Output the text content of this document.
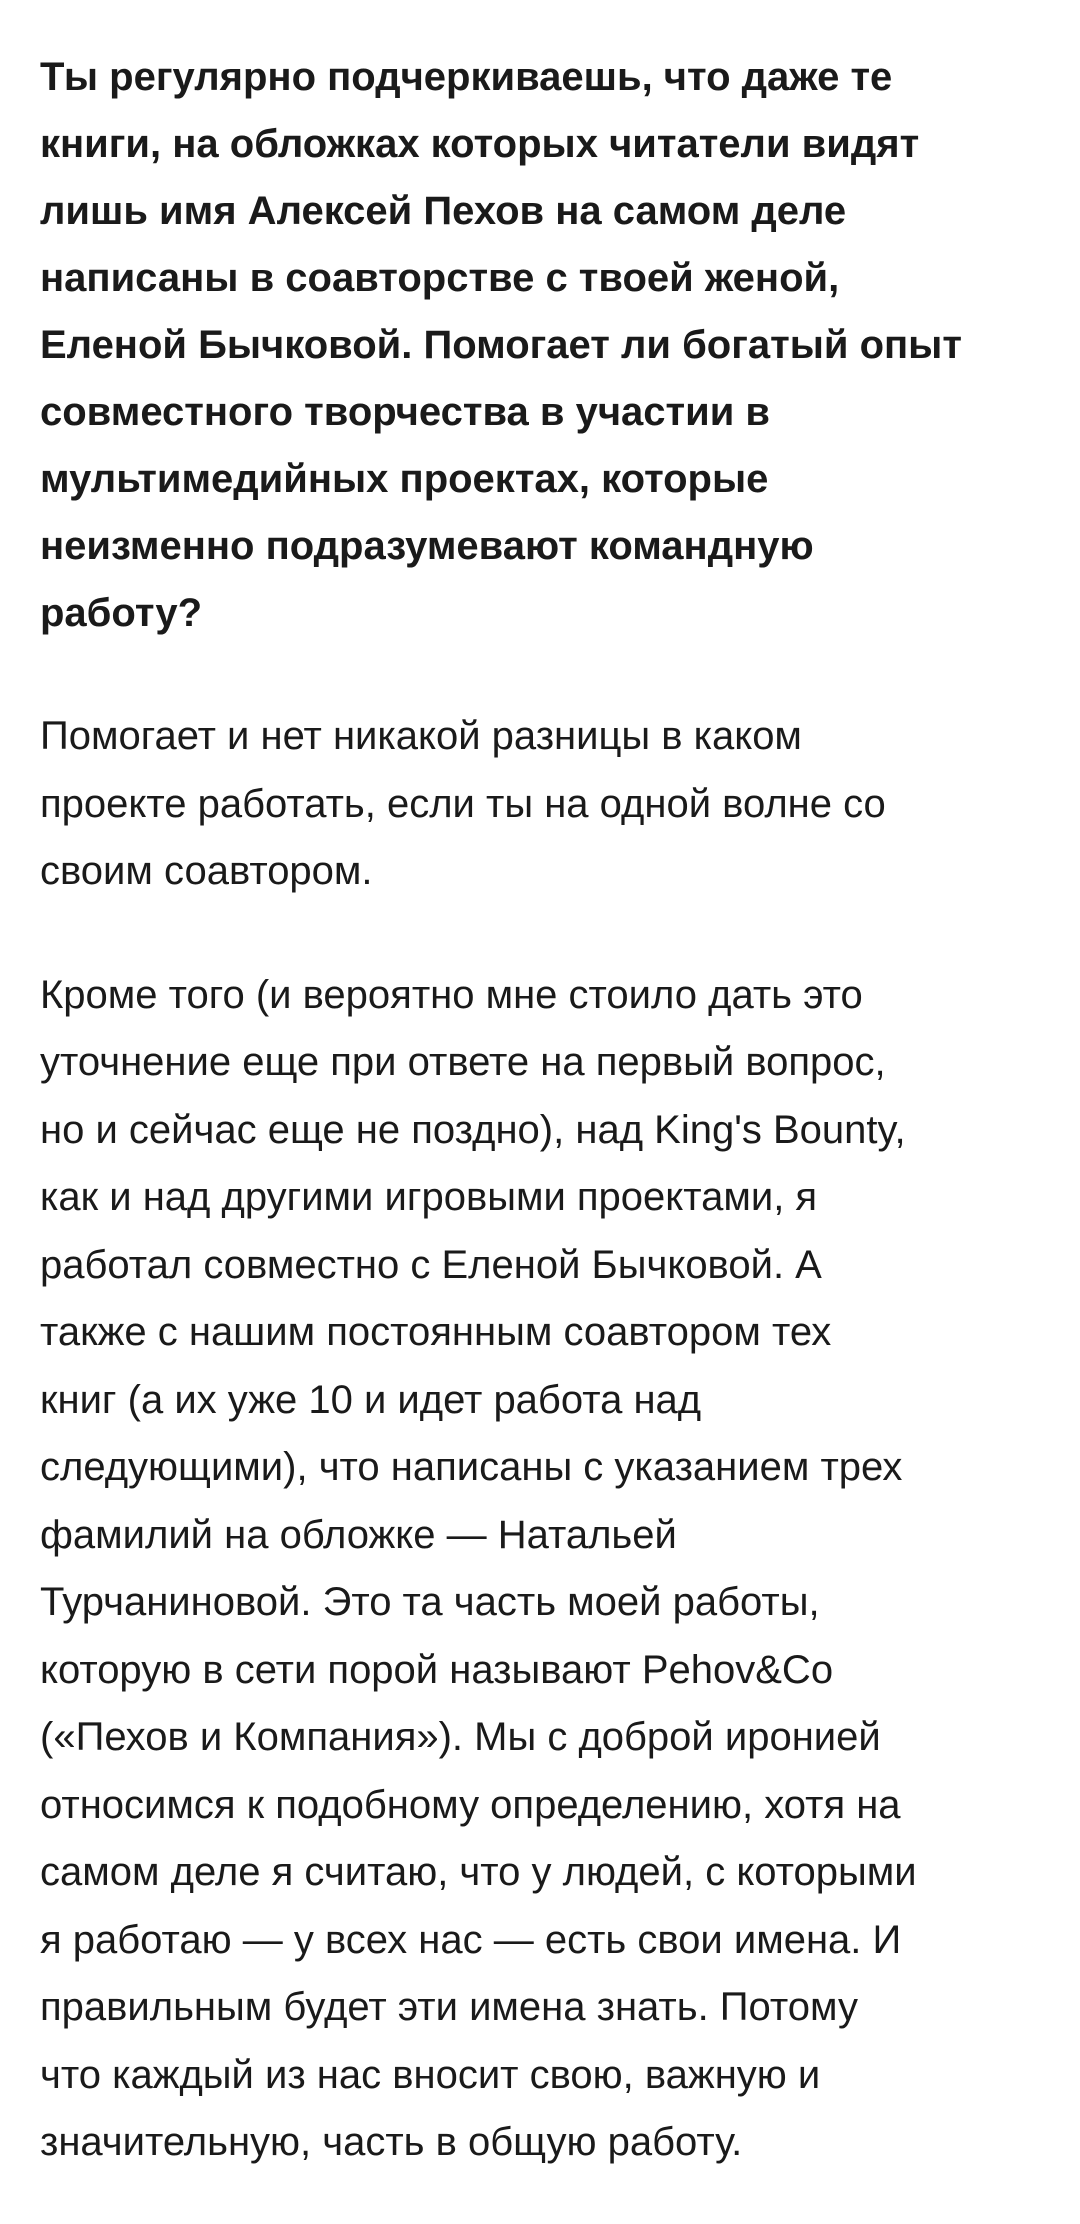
Ты регулярно подчеркиваешь, что даже те
книги, на обложках которых читатели видят
лишь имя Алексей Пехов на самом деле
написаны в соавторстве с твоей женой,
Еленой Бычковой. Помогает ли богатый опыт
совместного творчества в участии в
мультимедийных проектах, которые
неизменно подразумевают командную
работу?

Помогает и нет никакой разницы в каком
проекте работать, если ты на одной волне со
своим соавтором.

Кроме того (и вероятно мне стоило дать это
уточнение еще при ответе на первый вопрос,
но и сейчас еще не поздно), над King's Bounty,
как и над другими игровыми проектами, я
работал совместно с Еленой Бычковой. А
также с нашим постоянным соавтором тех
книг (а их уже 10 и идет работа над
следующими), что написаны с указанием трех
фамилий на обложке — Натальей
Турчаниновой. Это та часть моей работы,
которую в сети порой называют Pehov&Co
(«Пехов и Компания»). Мы с доброй иронией
относимся к подобному определению, хотя на
самом деле я считаю, что у людей, с которыми
я работаю — у всех нас — есть свои имена. И
правильным будет эти имена знать. Потому
что каждый из нас вносит свою, важную и
значительную, часть в общую работу.
